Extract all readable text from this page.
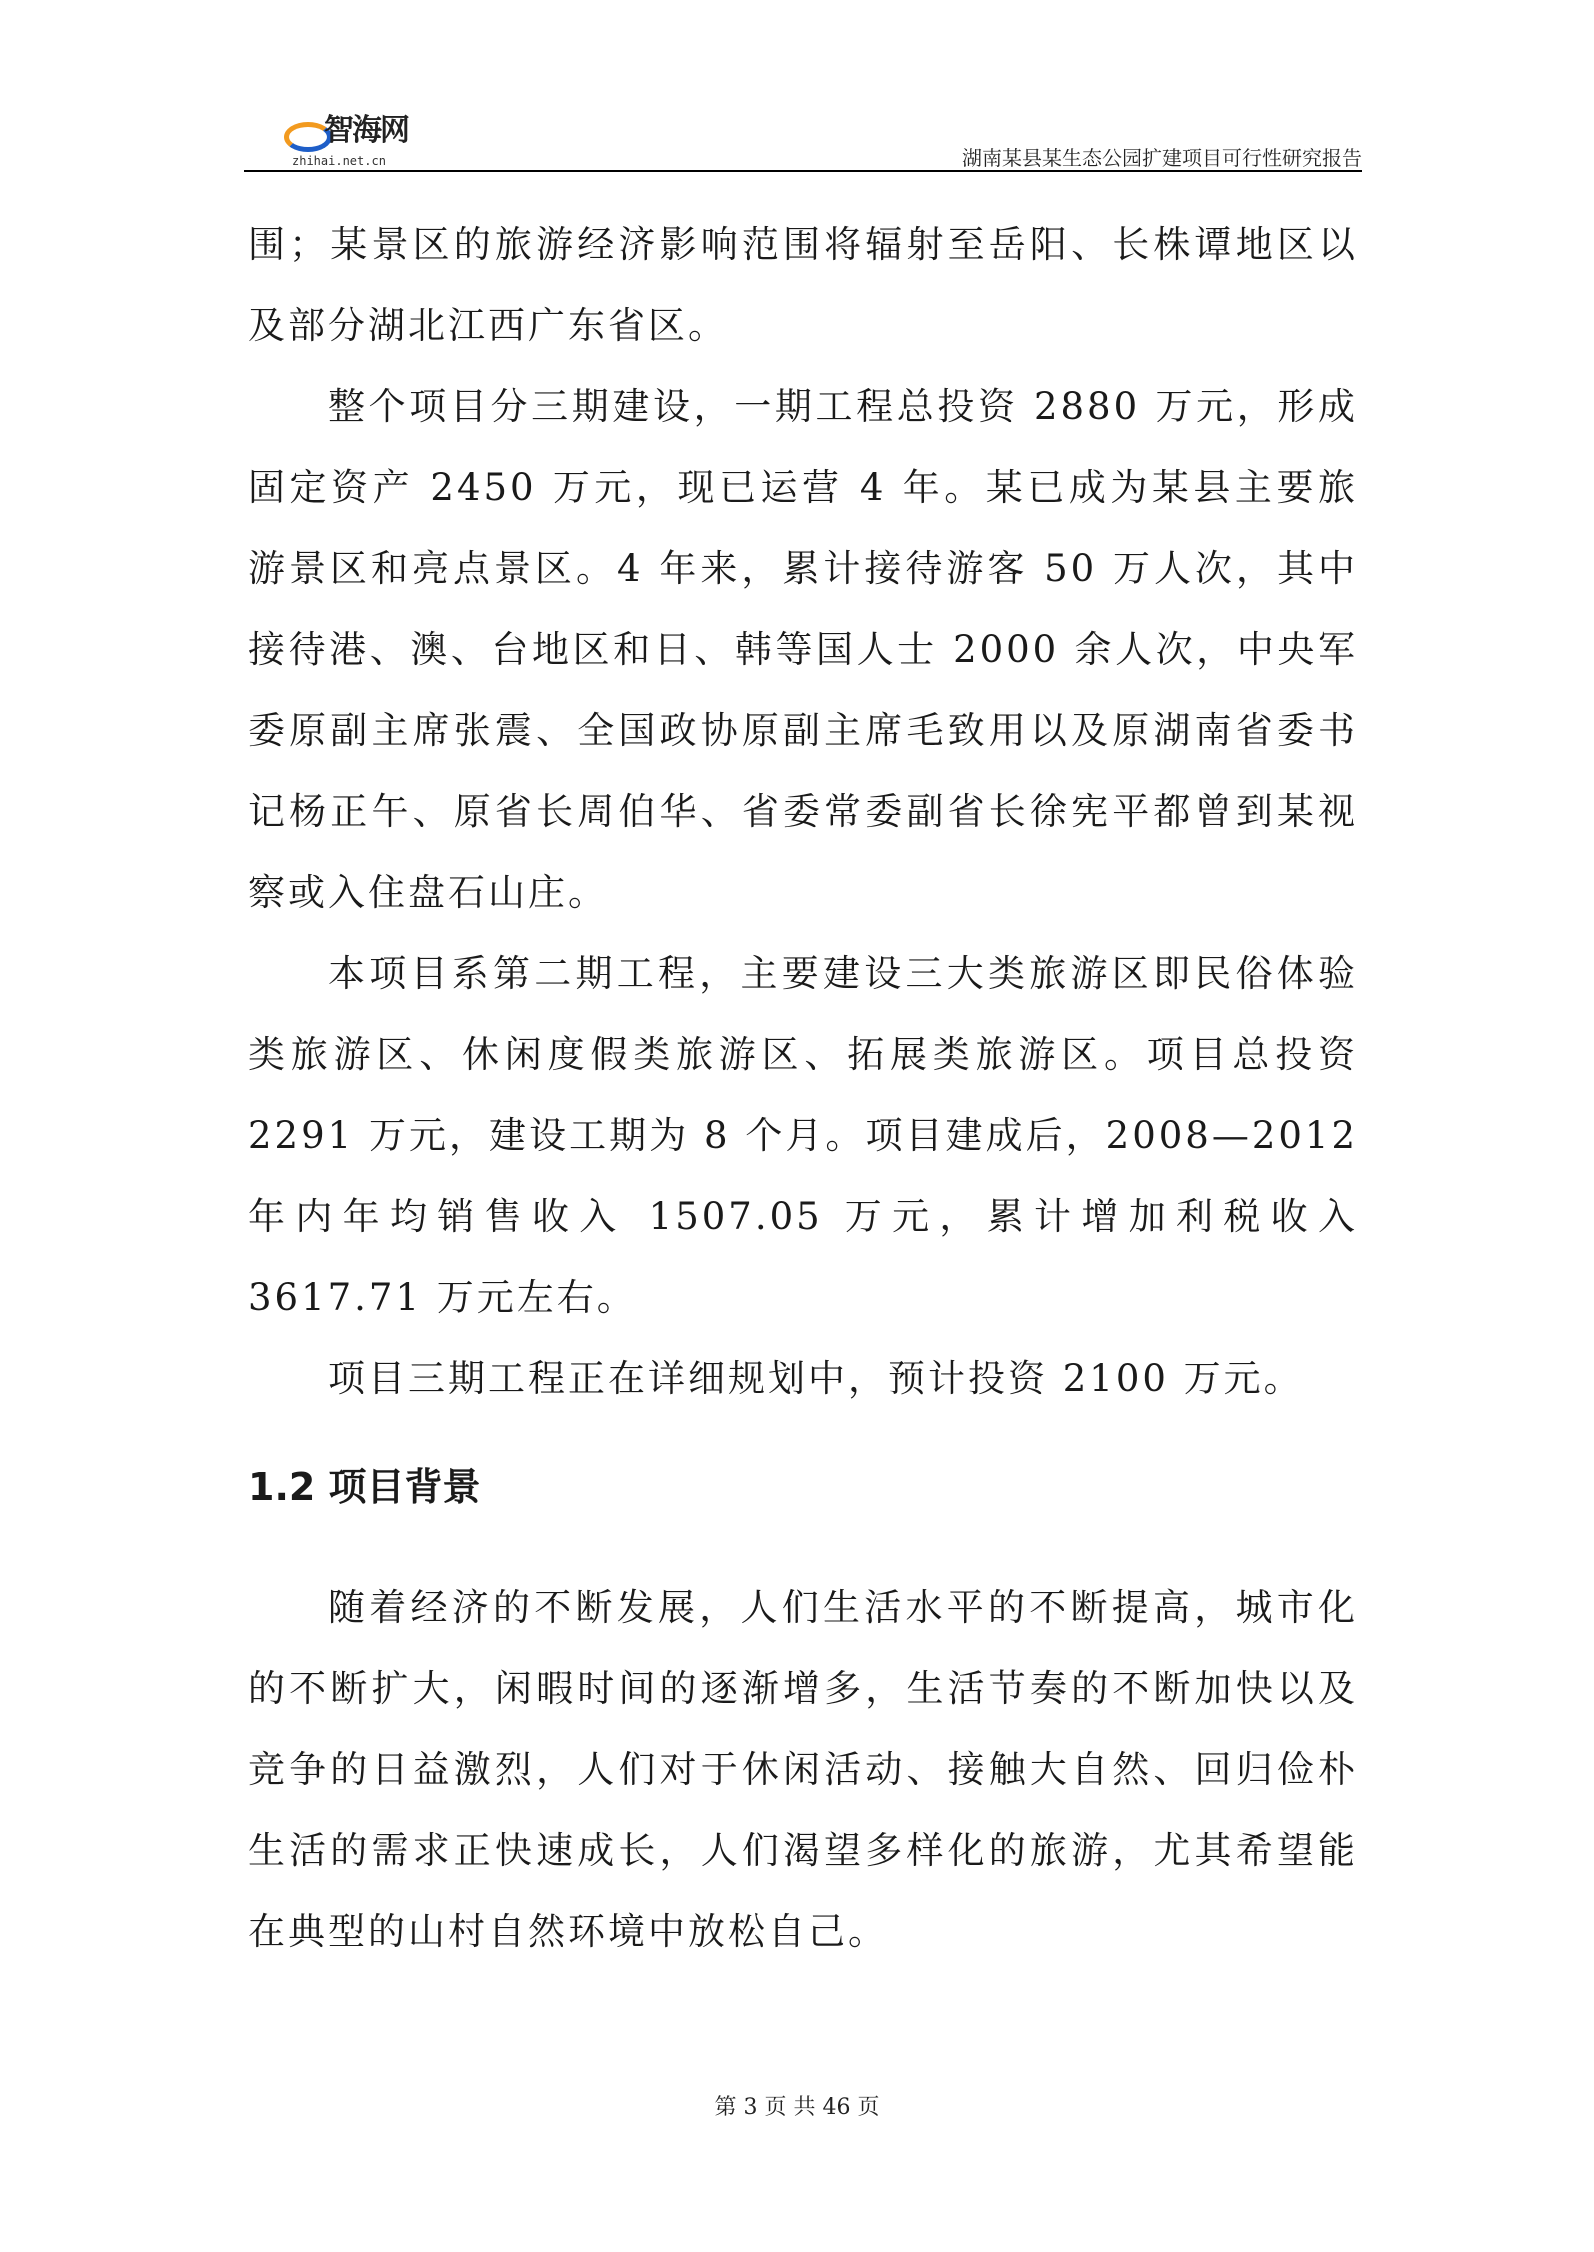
智海网
zhihai.net.cn	湖南某县某生态公园扩建项目可行性研究报告

围；某景区的旅游经济影响范围将辐射至岳阳、长株谭地区以及部分湖北江西广东省区。

整个项目分三期建设，一期工程总投资 2880 万元，形成固定资产 2450 万元，现已运营 4 年。某已成为某县主要旅游景区和亮点景区。4 年来，累计接待游客 50 万人次，其中接待港、澳、台地区和日、韩等国人士 2000 余人次，中央军委原副主席张震、全国政协原副主席毛致用以及原湖南省委书记杨正午、原省长周伯华、省委常委副省长徐宪平都曾到某视察或入住盘石山庄。

本项目系第二期工程，主要建设三大类旅游区即民俗体验类旅游区、休闲度假类旅游区、拓展类旅游区。项目总投资 2291 万元，建设工期为 8 个月。项目建成后，2008—2012 年内年均销售收入 1507.05 万元，累计增加利税收入 3617.71 万元左右。

项目三期工程正在详细规划中，预计投资 2100 万元。

1.2 项目背景

随着经济的不断发展，人们生活水平的不断提高，城市化的不断扩大，闲暇时间的逐渐增多，生活节奏的不断加快以及竞争的日益激烈，人们对于休闲活动、接触大自然、回归俭朴生活的需求正快速成长，人们渴望多样化的旅游，尤其希望能在典型的山村自然环境中放松自己。

第 3 页 共 46 页
